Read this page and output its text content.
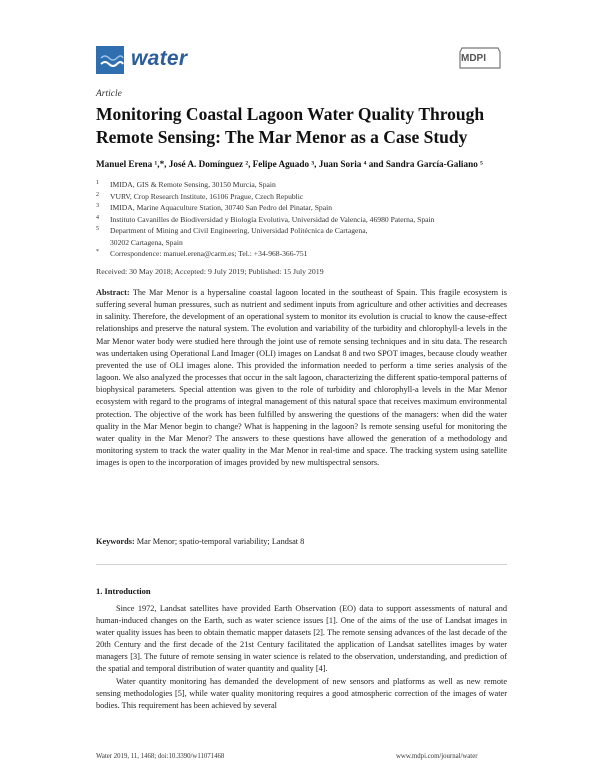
water	MDPI
Article
Monitoring Coastal Lagoon Water Quality Through Remote Sensing: The Mar Menor as a Case Study
Manuel Erena ¹,*, José A. Domínguez ², Felipe Aguado ³, Juan Soria ⁴ and Sandra García-Galiano ⁵
1 IMIDA, GIS & Remote Sensing, 30150 Murcia, Spain
2 VURV, Crop Research Institute, 16106 Prague, Czech Republic
3 IMIDA, Marine Aquaculture Station, 30740 San Pedro del Pinatar, Spain
4 Instituto Cavanilles de Biodiversidad y Biología Evolutiva, Universidad de Valencia, 46980 Paterna, Spain
5 Department of Mining and Civil Engineering, Universidad Politécnica de Cartagena,
30202 Cartagena, Spain
* Correspondence: manuel.erena@carm.es; Tel.: +34-968-366-751
Received: 30 May 2018; Accepted: 9 July 2019; Published: 15 July 2019

Abstract: The Mar Menor is a hypersaline coastal lagoon located in the southeast of Spain. This fragile ecosystem is suffering several human pressures, such as nutrient and sediment inputs from agriculture and other activities and decreases in salinity. Therefore, the development of an operational system to monitor its evolution is crucial to know the cause-effect relationships and preserve the natural system. The evolution and variability of the turbidity and chlorophyll-a levels in the Mar Menor water body were studied here through the joint use of remote sensing techniques and in situ data. The research was undertaken using Operational Land Imager (OLI) images on Landsat 8 and two SPOT images, because cloudy weather prevented the use of OLI images alone. This provided the information needed to perform a time series analysis of the lagoon. We also analyzed the processes that occur in the salt lagoon, characterizing the different spatio-temporal patterns of biophysical parameters. Special attention was given to the role of turbidity and chlorophyll-a levels in the Mar Menor ecosystem with regard to the programs of integral management of this natural space that receives maximum environmental protection. The objective of the work has been fulfilled by answering the questions of the managers: when did the water quality in the Mar Menor begin to change? What is happening in the lagoon? Is remote sensing useful for monitoring the water quality in the Mar Menor? The answers to these questions have allowed the generation of a methodology and monitoring system to track the water quality in the Mar Menor in real-time and space. The tracking system using satellite images is open to the incorporation of images provided by new multispectral sensors.

Keywords: Mar Menor; spatio-temporal variability; Landsat 8
1. Introduction

Since 1972, Landsat satellites have provided Earth Observation (EO) data to support assessments of natural and human-induced changes on the Earth, such as water science issues [1]. One of the aims of the use of Landsat images in water quality issues has been to obtain thematic mapper datasets [2]. The remote sensing advances of the last decade of the 20th Century and the first decade of the 21st Century facilitated the application of Landsat satellites images by water managers [3]. The future of remote sensing in water science is related to the observation, understanding, and prediction of the spatial and temporal distribution of water quantity and quality [4].

Water quantity monitoring has demanded the development of new sensors and platforms as well as new remote sensing methodologies [5], while water quality monitoring requires a good atmospheric correction of the images of water bodies. This requirement has been achieved by several

Water 2019, 11, 1468; doi:10.3390/w11071468	www.mdpi.com/journal/water
